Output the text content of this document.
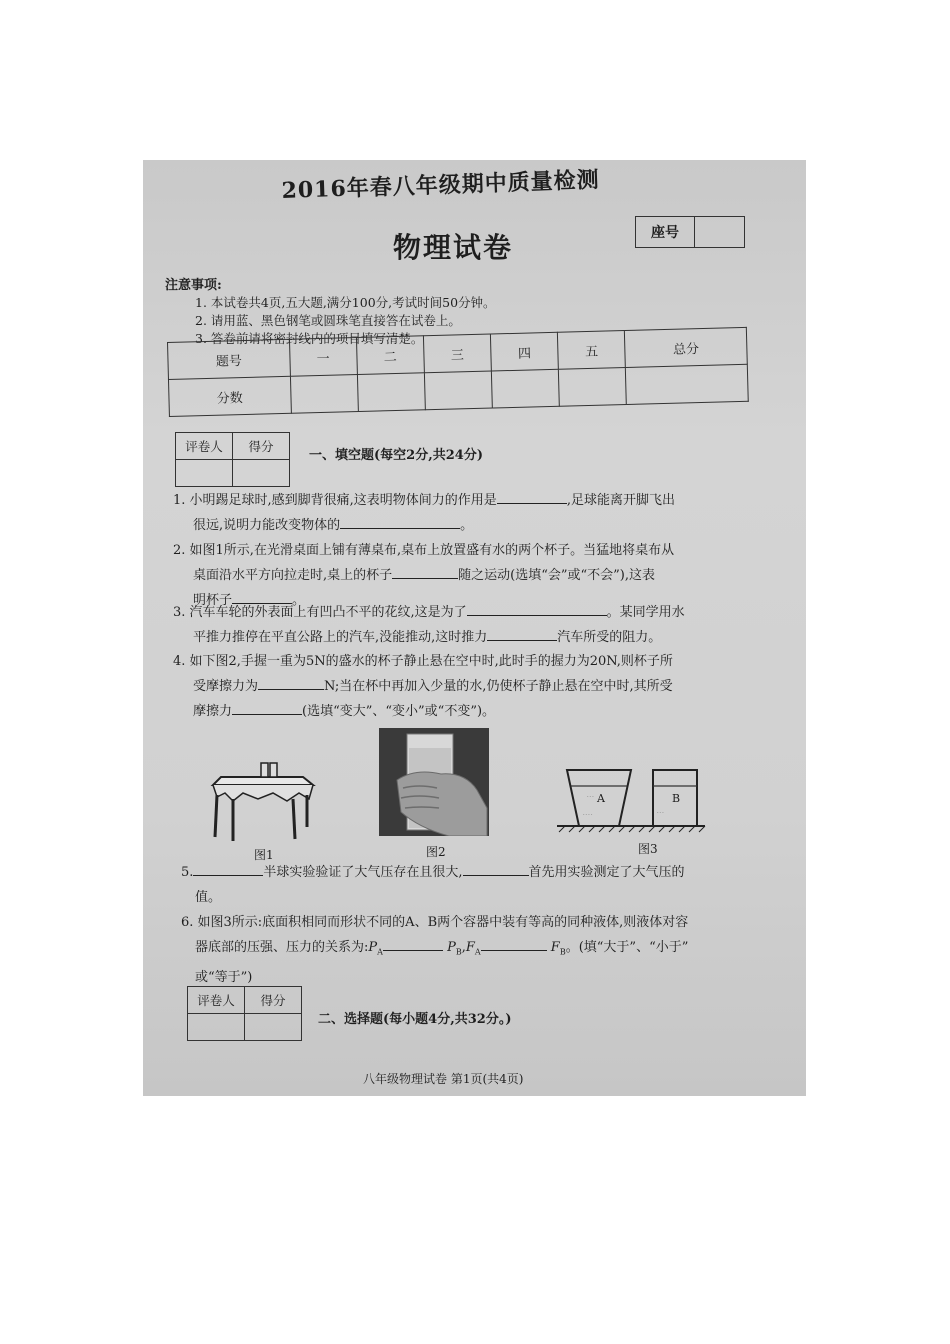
2016年春八年级期中质量检测
物理试卷	座号
注意事项:
1. 本试卷共4页,五大题,满分100分,考试时间50分钟。
2. 请用蓝、黑色钢笔或圆珠笔直接答在试卷上。
3. 答卷前请将密封线内的项目填写清楚。
题号	一	二	三	四	五	总分
分数						
评卷人	得分

一、填空题(每空2分,共24分)
1. 小明踢足球时,感到脚背很痛,这表明物体间力的作用是	,足球能离开脚飞出
很远,说明力能改变物体的	。
2. 如图1所示,在光滑桌面上铺有薄桌布,桌布上放置盛有水的两个杯子。当猛地将桌布从
桌面沿水平方向拉走时,桌上的杯子	随之运动(选填“会”或“不会”),这表
明杯子	。
3. 汽车车轮的外表面上有凹凸不平的花纹,这是为了	。某同学用水
平推力推停在平直公路上的汽车,没能推动,这时推力	汽车所受的阻力。
4. 如下图2,手握一重为5N的盛水的杯子静止悬在空中时,此时手的握力为20N,则杯子所
受摩擦力为	N;当在杯中再加入少量的水,仍使杯子静止悬在空中时,其所受
摩擦力	(选填“变大”、“变小”或“不变”)。
图1	图2
- - -
- - - -	- - -
A	B
图3
5.	半球实验验证了大气压存在且很大,	首先用实验测定了大气压的
值。
6. 如图3所示:底面积相同而形状不同的A、B两个容器中装有等高的同种液体,则液体对容
器底部的压强、压力的关系为$:P_A$	$P_B,F_A$	$F_B$。(填“大于”、“小于”
或“等于”)
评卷人	得分

二、选择题(每小题4分,共32分。)
八年级物理试卷 第1页(共4页)
